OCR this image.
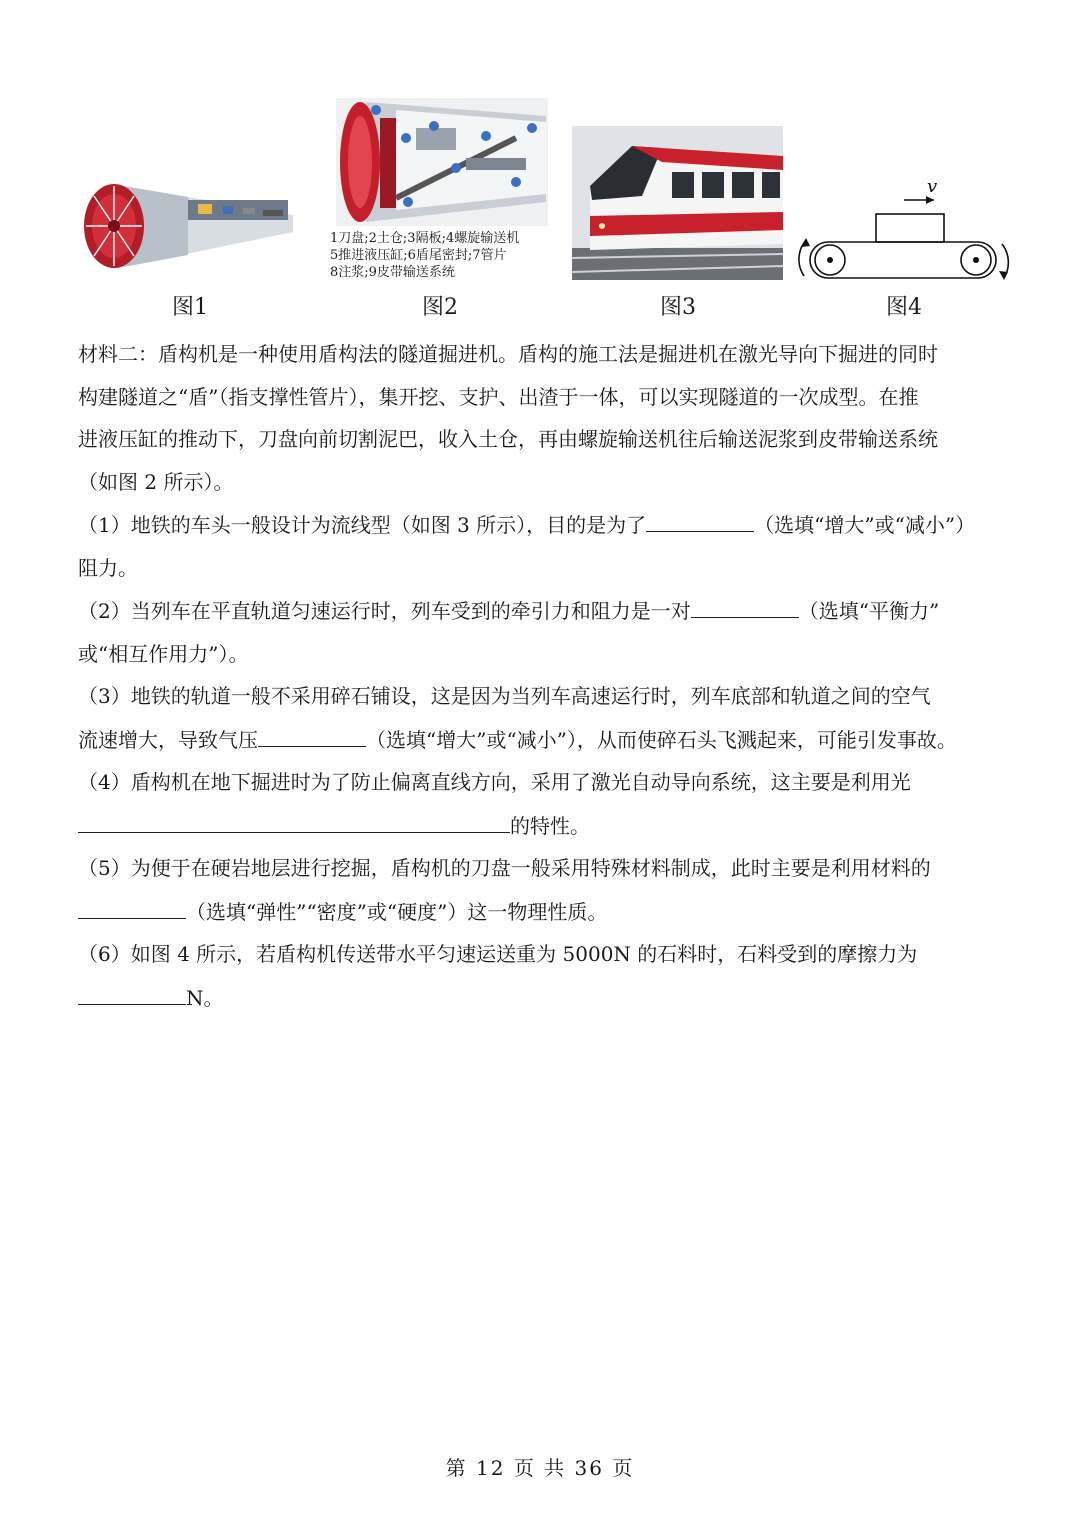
图1
1刀盘;2土仓;3隔板;4螺旋输送机
5推进液压缸;6盾尾密封;7管片
8注浆;9皮带输送系统
图2	图3
v
图4

材料二：盾构机是一种使用盾构法的隧道掘进机。盾构的施工法是掘进机在激光导向下掘进的同时

构建隧道之“盾”（指支撑性管片），集开挖、支护、出渣于一体，可以实现隧道的一次成型。在推

进液压缸的推动下，刀盘向前切割泥巴，收入土仓，再由螺旋输送机往后输送泥浆到皮带输送系统

（如图 2 所示）。

（1）地铁的车头一般设计为流线型（如图 3 所示），目的是为了	（选填“增大”或“减小”）

阻力。

（2）当列车在平直轨道匀速运行时，列车受到的牵引力和阻力是一对	（选填“平衡力”

或“相互作用力”）。

（3）地铁的轨道一般不采用碎石铺设，这是因为当列车高速运行时，列车底部和轨道之间的空气

流速增大，导致气压	（选填“增大”或“减小”），从而使碎石头飞溅起来，可能引发事故。

（4）盾构机在地下掘进时为了防止偏离直线方向，采用了激光自动导向系统，这主要是利用光

的特性。

（5）为便于在硬岩地层进行挖掘，盾构机的刀盘一般采用特殊材料制成，此时主要是利用材料的

（选填“弹性”“密度”或“硬度”）这一物理性质。

（6）如图 4 所示，若盾构机传送带水平匀速运送重为 5000N 的石料时，石料受到的摩擦力为

N。

第 12 页 共 36 页
